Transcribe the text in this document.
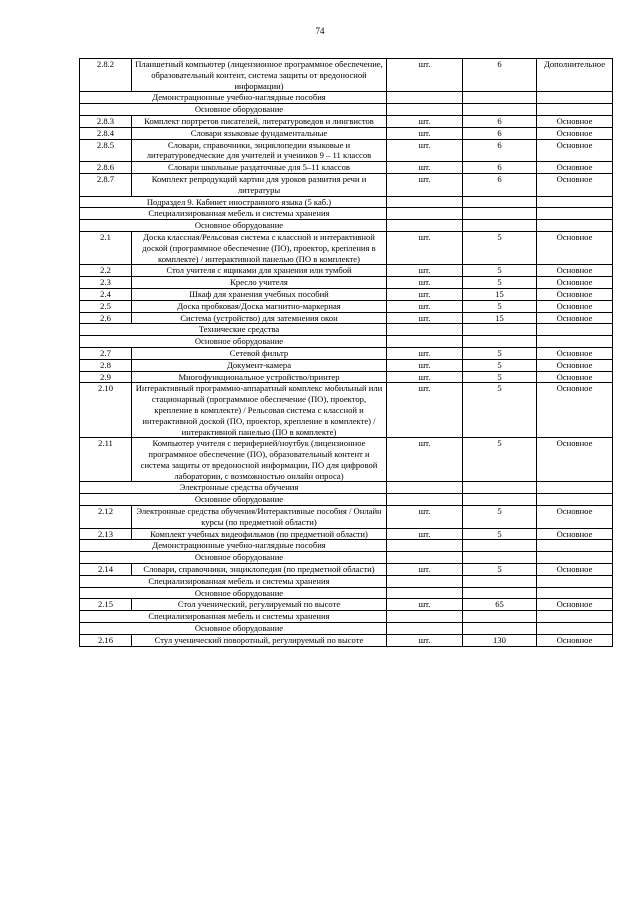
74
2.8.2	Планшетный компьютер (лицензионное программное обеспечение, образовательный контент, система защиты от вредоносной информации)	шт.	6	Дополнительное
Демонстрационные учебно-наглядные пособия				
Основное оборудование				
2.8.3	Комплект портретов писателей, литературоведов и лингвистов	шт.	6	Основное
2.8.4	Словари языковые фундаментальные	шт.	6	Основное
2.8.5	Словари, справочники, энциклопедии языковые и литературоведческие для учителей и учеников 9 – 11 классов	шт.	6	Основное
2.8.6	Словари школьные раздаточные для 5–11 классов	шт.	6	Основное
2.8.7	Комплект репродукций картин для уроков развития речи и литературы	шт.	6	Основное
Подраздел 9. Кабинет иностранного языка (5 каб.)				
Специализированная мебель и системы хранения				
Основное оборудование				
2.1	Доска классная/Рельсовая система с классной и интерактивной доской (программное обеспечение (ПО), проектор, крепления в комплекте) / интерактивной панелью (ПО в комплекте)	шт.	5	Основное
2.2	Стол учителя с ящиками для хранения или тумбой	шт.	5	Основное
2.3	Кресло учителя	шт.	5	Основное
2.4	Шкаф для хранения учебных пособий	шт.	15	Основное
2.5	Доска пробковая/Доска магнитно-маркерная	шт.	5	Основное
2.6	Система (устройство) для затемнения окон	шт.	15	Основное
Технические средства				
Основное оборудование				
2.7	Сетевой фильтр	шт.	5	Основное
2.8	Документ-камера	шт.	5	Основное
2.9	Многофункциональное устройство/принтер	шт.	5	Основное
2.10	Интерактивный программно-аппаратный комплекс мобильный или стационарный (программное обеспечение (ПО), проектор, крепление в комплекте) / Рельсовая система с классной и интерактивной доской (ПО, проектор, крепление в комплекте) / интерактивной панелью (ПО в комплекте)	шт.	5	Основное
2.11	Компьютер учителя с периферией/ноутбук (лицензионное программное обеспечение (ПО), образовательный контент и система защиты от вредоносной информации, ПО для цифровой лаборатории, с возможностью онлайн опроса)	шт.	5	Основное
Электронные средства обучения				
Основное оборудование				
2.12	Электронные средства обучения/Интерактивные пособия / Онлайн курсы (по предметной области)	шт.	5	Основное
2.13	Комплект учебных видеофильмов (по предметной области)	шт.	5	Основное
Демонстрационные учебно-наглядные пособия				
Основное оборудование				
2.14	Словари, справочники, энциклопедия (по предметной области)	шт.	5	Основное
Специализированная мебель и системы хранения				
Основное оборудование				
2.15	Стол ученический, регулируемый по высоте	шт.	65	Основное
Специализированная мебель и системы хранения				
Основное оборудование				
2.16	Стул ученический поворотный, регулируемый по высоте	шт.	130	Основное
